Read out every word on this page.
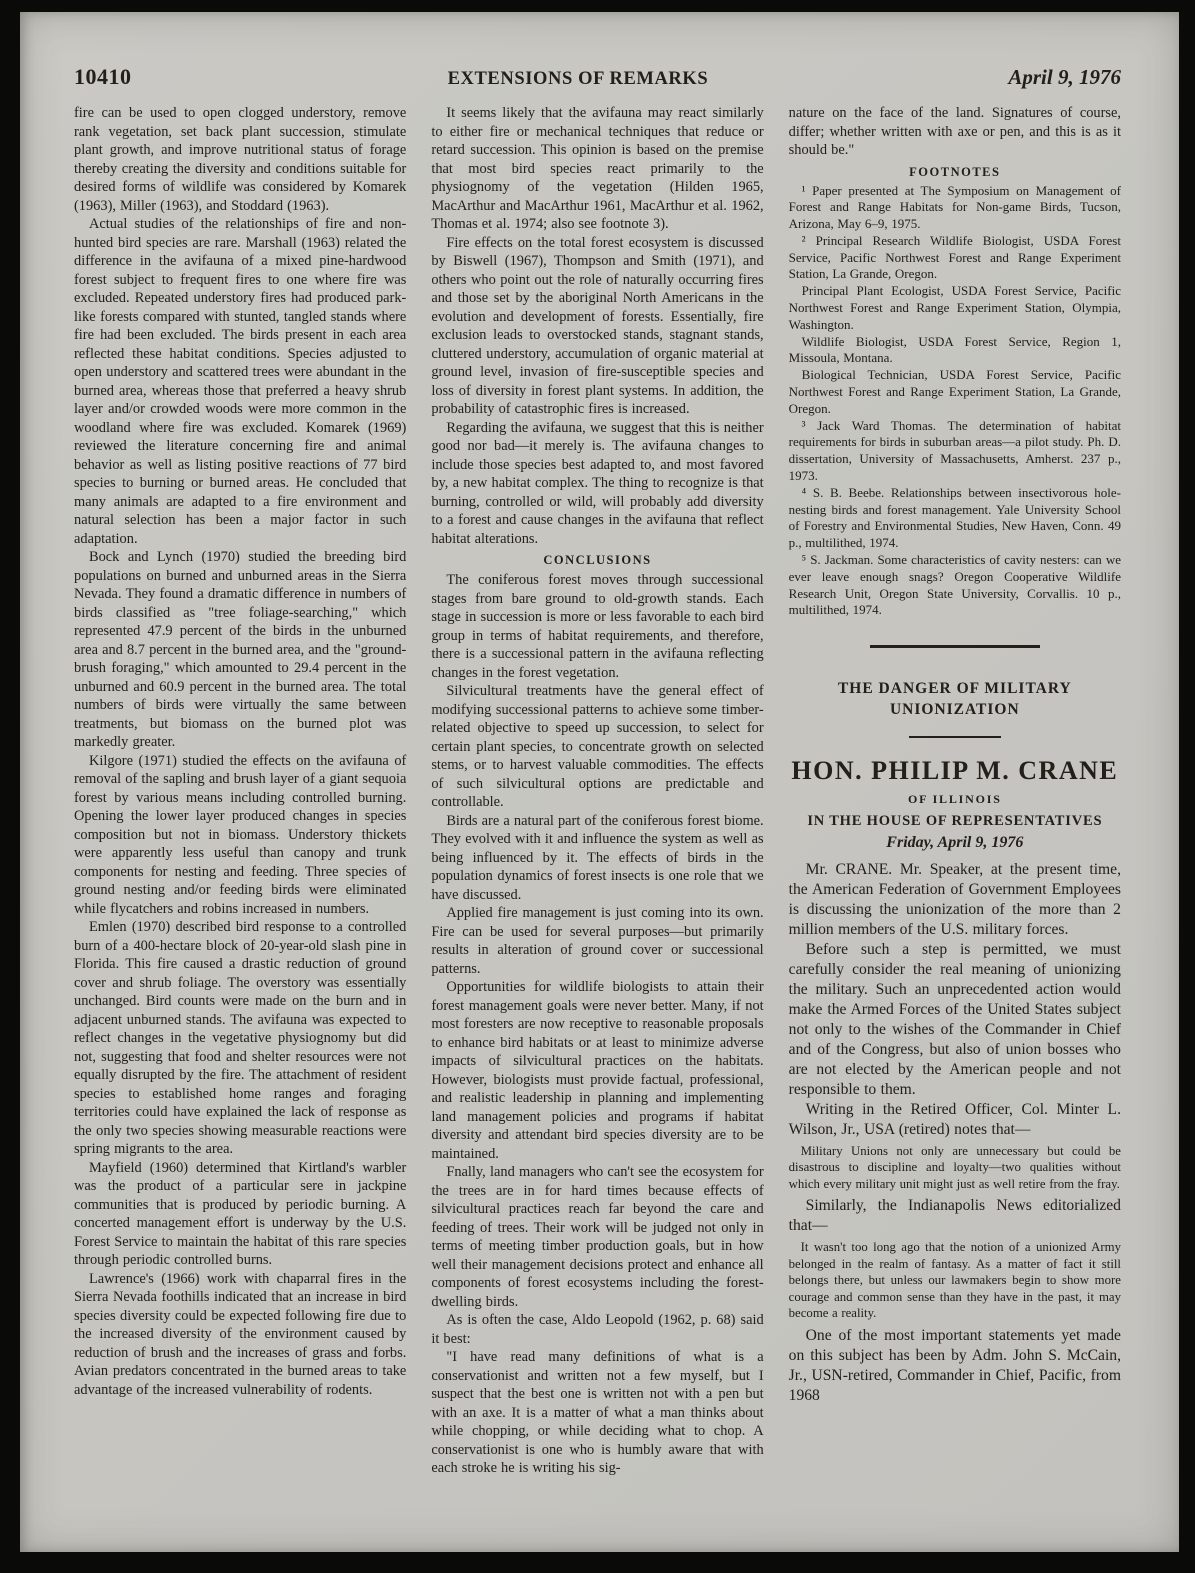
10410	EXTENSIONS OF REMARKS	April 9, 1976

fire can be used to open clogged understory, remove rank vegetation, set back plant succession, stimulate plant growth, and improve nutritional status of forage thereby creating the diversity and conditions suitable for desired forms of wildlife was considered by Komarek (1963), Miller (1963), and Stoddard (1963).

Actual studies of the relationships of fire and non-hunted bird species are rare. Marshall (1963) related the difference in the avifauna of a mixed pine-hardwood forest subject to frequent fires to one where fire was excluded. Repeated understory fires had produced park-like forests compared with stunted, tangled stands where fire had been excluded. The birds present in each area reflected these habitat conditions. Species adjusted to open understory and scattered trees were abundant in the burned area, whereas those that preferred a heavy shrub layer and/or crowded woods were more common in the woodland where fire was excluded. Komarek (1969) reviewed the literature concerning fire and animal behavior as well as listing positive reactions of 77 bird species to burning or burned areas. He concluded that many animals are adapted to a fire environment and natural selection has been a major factor in such adaptation.

Bock and Lynch (1970) studied the breeding bird populations on burned and unburned areas in the Sierra Nevada. They found a dramatic difference in numbers of birds classified as "tree foliage-searching," which represented 47.9 percent of the birds in the unburned area and 8.7 percent in the burned area, and the "ground-brush foraging," which amounted to 29.4 percent in the unburned and 60.9 percent in the burned area. The total numbers of birds were virtually the same between treatments, but biomass on the burned plot was markedly greater.

Kilgore (1971) studied the effects on the avifauna of removal of the sapling and brush layer of a giant sequoia forest by various means including controlled burning. Opening the lower layer produced changes in species composition but not in biomass. Understory thickets were apparently less useful than canopy and trunk components for nesting and feeding. Three species of ground nesting and/or feeding birds were eliminated while flycatchers and robins increased in numbers.

Emlen (1970) described bird response to a controlled burn of a 400-hectare block of 20-year-old slash pine in Florida. This fire caused a drastic reduction of ground cover and shrub foliage. The overstory was essentially unchanged. Bird counts were made on the burn and in adjacent unburned stands. The avifauna was expected to reflect changes in the vegetative physiognomy but did not, suggesting that food and shelter resources were not equally disrupted by the fire. The attachment of resident species to established home ranges and foraging territories could have explained the lack of response as the only two species showing measurable reactions were spring migrants to the area.

Mayfield (1960) determined that Kirtland's warbler was the product of a particular sere in jackpine communities that is produced by periodic burning. A concerted management effort is underway by the U.S. Forest Service to maintain the habitat of this rare species through periodic controlled burns.

Lawrence's (1966) work with chaparral fires in the Sierra Nevada foothills indicated that an increase in bird species diversity could be expected following fire due to the increased diversity of the environment caused by reduction of brush and the increases of grass and forbs. Avian predators concentrated in the burned areas to take advantage of the increased vulnerability of rodents.

It seems likely that the avifauna may react similarly to either fire or mechanical techniques that reduce or retard succession. This opinion is based on the premise that most bird species react primarily to the physiognomy of the vegetation (Hilden 1965, MacArthur and MacArthur 1961, MacArthur et al. 1962, Thomas et al. 1974; also see footnote 3).

Fire effects on the total forest ecosystem is discussed by Biswell (1967), Thompson and Smith (1971), and others who point out the role of naturally occurring fires and those set by the aboriginal North Americans in the evolution and development of forests. Essentially, fire exclusion leads to overstocked stands, stagnant stands, cluttered understory, accumulation of organic material at ground level, invasion of fire-susceptible species and loss of diversity in forest plant systems. In addition, the probability of catastrophic fires is increased.

Regarding the avifauna, we suggest that this is neither good nor bad—it merely is. The avifauna changes to include those species best adapted to, and most favored by, a new habitat complex. The thing to recognize is that burning, controlled or wild, will probably add diversity to a forest and cause changes in the avifauna that reflect habitat alterations.

CONCLUSIONS

The coniferous forest moves through successional stages from bare ground to old-growth stands. Each stage in succession is more or less favorable to each bird group in terms of habitat requirements, and therefore, there is a successional pattern in the avifauna reflecting changes in the forest vegetation.

Silvicultural treatments have the general effect of modifying successional patterns to achieve some timber-related objective to speed up succession, to select for certain plant species, to concentrate growth on selected stems, or to harvest valuable commodities. The effects of such silvicultural options are predictable and controllable.

Birds are a natural part of the coniferous forest biome. They evolved with it and influence the system as well as being influenced by it. The effects of birds in the population dynamics of forest insects is one role that we have discussed.

Applied fire management is just coming into its own. Fire can be used for several purposes—but primarily results in alteration of ground cover or successional patterns.

Opportunities for wildlife biologists to attain their forest management goals were never better. Many, if not most foresters are now receptive to reasonable proposals to enhance bird habitats or at least to minimize adverse impacts of silvicultural practices on the habitats. However, biologists must provide factual, professional, and realistic leadership in planning and implementing land management policies and programs if habitat diversity and attendant bird species diversity are to be maintained.

Fnally, land managers who can't see the ecosystem for the trees are in for hard times because effects of silvicultural practices reach far beyond the care and feeding of trees. Their work will be judged not only in terms of meeting timber production goals, but in how well their management decisions protect and enhance all components of forest ecosystems including the forest-dwelling birds.

As is often the case, Aldo Leopold (1962, p. 68) said it best:

"I have read many definitions of what is a conservationist and written not a few myself, but I suspect that the best one is written not with a pen but with an axe. It is a matter of what a man thinks about while chopping, or while deciding what to chop. A conservationist is one who is humbly aware that with each stroke he is writing his sig-

nature on the face of the land. Signatures of course, differ; whether written with axe or pen, and this is as it should be."

FOOTNOTES

¹ Paper presented at The Symposium on Management of Forest and Range Habitats for Non-game Birds, Tucson, Arizona, May 6–9, 1975.

² Principal Research Wildlife Biologist, USDA Forest Service, Pacific Northwest Forest and Range Experiment Station, La Grande, Oregon.

Principal Plant Ecologist, USDA Forest Service, Pacific Northwest Forest and Range Experiment Station, Olympia, Washington.

Wildlife Biologist, USDA Forest Service, Region 1, Missoula, Montana.

Biological Technician, USDA Forest Service, Pacific Northwest Forest and Range Experiment Station, La Grande, Oregon.

³ Jack Ward Thomas. The determination of habitat requirements for birds in suburban areas—a pilot study. Ph. D. dissertation, University of Massachusetts, Amherst. 237 p., 1973.

⁴ S. B. Beebe. Relationships between insectivorous hole-nesting birds and forest management. Yale University School of Forestry and Environmental Studies, New Haven, Conn. 49 p., multilithed, 1974.

⁵ S. Jackman. Some characteristics of cavity nesters: can we ever leave enough snags? Oregon Cooperative Wildlife Research Unit, Oregon State University, Corvallis. 10 p., multilithed, 1974.

THE DANGER OF MILITARY UNIONIZATION

HON. PHILIP M. CRANE

OF ILLINOIS

IN THE HOUSE OF REPRESENTATIVES

Friday, April 9, 1976

Mr. CRANE. Mr. Speaker, at the present time, the American Federation of Government Employees is discussing the unionization of the more than 2 million members of the U.S. military forces.

Before such a step is permitted, we must carefully consider the real meaning of unionizing the military. Such an unprecedented action would make the Armed Forces of the United States subject not only to the wishes of the Commander in Chief and of the Congress, but also of union bosses who are not elected by the American people and not responsible to them.

Writing in the Retired Officer, Col. Minter L. Wilson, Jr., USA (retired) notes that—

Military Unions not only are unnecessary but could be disastrous to discipline and loyalty—two qualities without which every military unit might just as well retire from the fray.

Similarly, the Indianapolis News editorialized that—

It wasn't too long ago that the notion of a unionized Army belonged in the realm of fantasy. As a matter of fact it still belongs there, but unless our lawmakers begin to show more courage and common sense than they have in the past, it may become a reality.

One of the most important statements yet made on this subject has been by Adm. John S. McCain, Jr., USN-retired, Commander in Chief, Pacific, from 1968
